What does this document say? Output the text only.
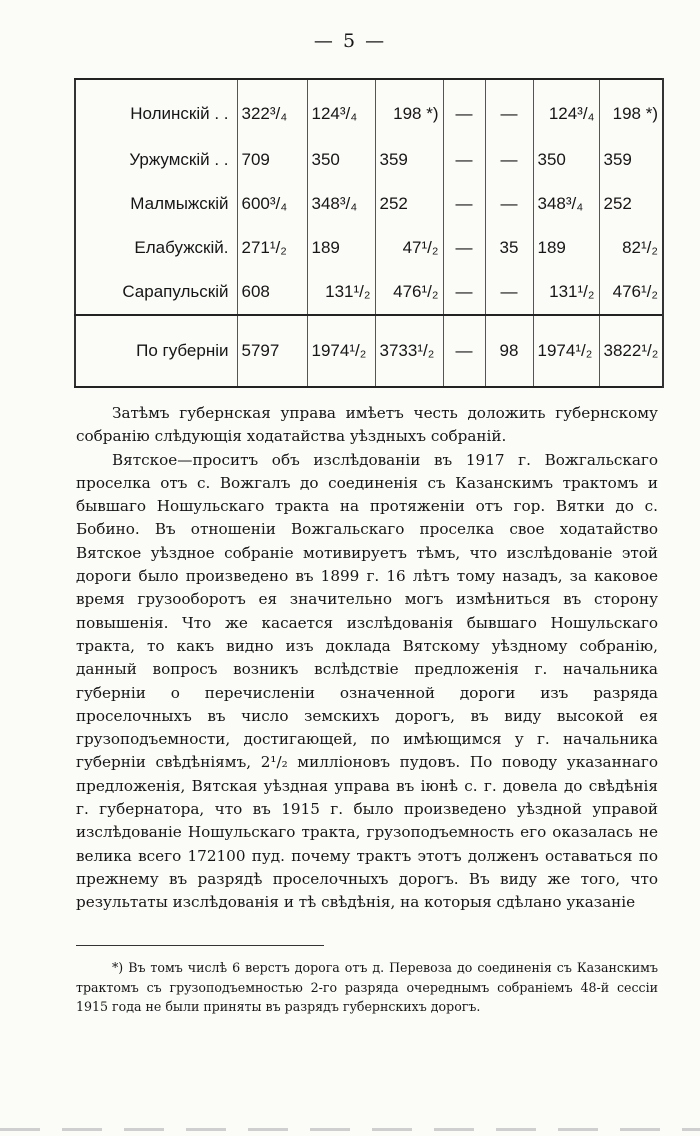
— 5 —
Нолинскій . .	322³/₄	124³/₄	198 *)	—	—	124³/₄	198 *)
Уржумскій . .	709	350	359	—	—	350	359
Малмыжскій	600³/₄	348³/₄	252	—	—	348³/₄	252
Елабужскій.	271¹/₂	189	47¹/₂	—	35	189	82¹/₂
Сарапульскій	608	131¹/₂	476¹/₂	—	—	131¹/₂	476¹/₂
По губерніи	5797	1974¹/₂	3733¹/₂	—	98	1974¹/₂	3822¹/₂

Затѣмъ губернская управа имѣетъ честь доложить губернскому собранію слѣдующія ходатайства уѣздныхъ собраній.

Вятское—проситъ объ изслѣдованіи въ 1917 г. Вожгальскаго проселка отъ с. Вожгалъ до соединенія съ Казанскимъ трактомъ и бывшаго Ношульскаго тракта на протяженіи отъ гор. Вятки до с. Бобино. Въ отношеніи Вожгальскаго проселка свое ходатайство Вятское уѣздное собраніе мотивируетъ тѣмъ, что изслѣдованіе этой дороги было произведено въ 1899 г. 16 лѣтъ тому назадъ, за каковое время грузооборотъ ея значительно могъ измѣниться въ сторону повышенія. Что же касается изслѣдованія бывшаго Ношульскаго тракта, то какъ видно изъ доклада Вятскому уѣздному собранію, данный вопросъ возникъ вслѣдствіе предложенія г. начальника губерніи о перечисленіи означенной дороги изъ разряда проселочныхъ въ число земскихъ дорогъ, въ виду высокой ея грузоподъемности, достигающей, по имѣющимся у г. начальника губерніи свѣдѣніямъ, 2¹/₂ милліоновъ пудовъ. По поводу указаннаго предложенія, Вятская уѣздная управа въ іюнѣ с. г. довела до свѣдѣнія г. губернатора, что въ 1915 г. было произведено уѣздной управой изслѣдованіе Ношульскаго тракта, грузоподъемность его оказалась не велика всего 172100 пуд. почему трактъ этотъ долженъ оставаться по прежнему въ разрядѣ проселочныхъ дорогъ. Въ виду же того, что результаты изслѣдованія и тѣ свѣдѣнія, на которыя сдѣлано указаніе

*) Въ томъ числѣ 6 верстъ дорога отъ д. Перевоза до соединенія съ Казанскимъ трактомъ съ грузоподъемностью 2-го разряда очереднымъ собраніемъ 48-й сессіи 1915 года не были приняты въ разрядъ губернскихъ дорогъ.
